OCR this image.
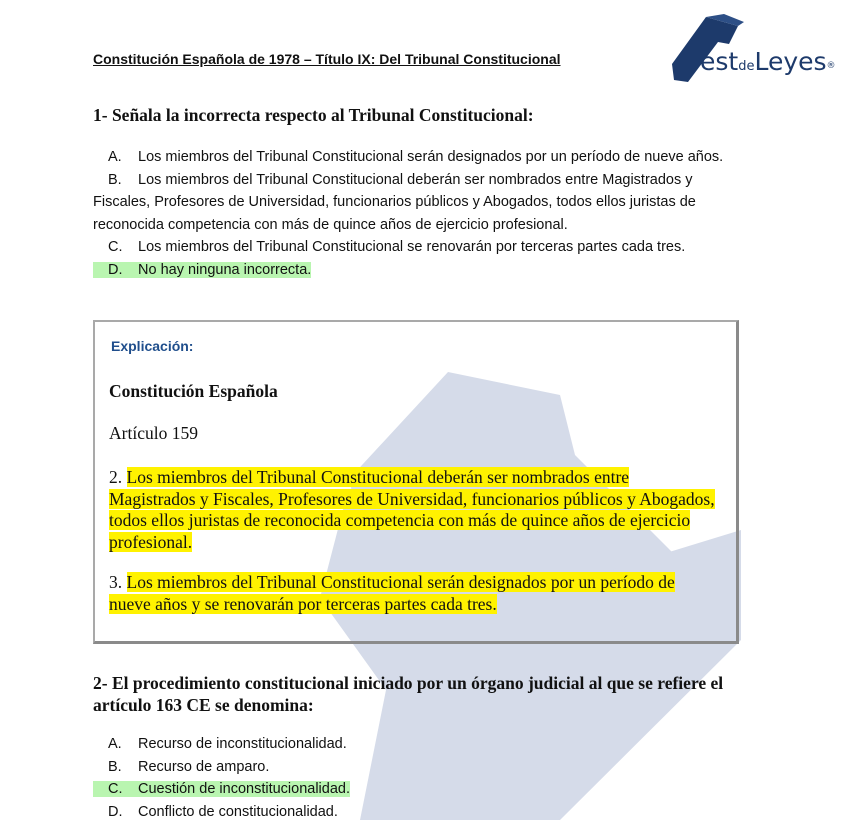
Constitución Española de 1978 – Título IX: Del Tribunal Constitucional	estdeLeyes®
1- Señala la incorrecta respecto al Tribunal Constitucional:

A. Los miembros del Tribunal Constitucional serán designados por un período de nueve años.

B. Los miembros del Tribunal Constitucional deberán ser nombrados entre Magistrados y Fiscales, Profesores de Universidad, funcionarios públicos y Abogados, todos ellos juristas de reconocida competencia con más de quince años de ejercicio profesional.

C. Los miembros del Tribunal Constitucional se renovarán por terceras partes cada tres.

D. No hay ninguna incorrecta.

Explicación:
Constitución Española
Artículo 159

2. Los miembros del Tribunal Constitucional deberán ser nombrados entre Magistrados y Fiscales, Profesores de Universidad, funcionarios públicos y Abogados, todos ellos juristas de reconocida competencia con más de quince años de ejercicio profesional.

3. Los miembros del Tribunal Constitucional serán designados por un período de nueve años y se renovarán por terceras partes cada tres.

2- El procedimiento constitucional iniciado por un órgano judicial al que se refiere el artículo 163 CE se denomina:

A. Recurso de inconstitucionalidad.

B. Recurso de amparo.

C. Cuestión de inconstitucionalidad.

D. Conflicto de constitucionalidad.
